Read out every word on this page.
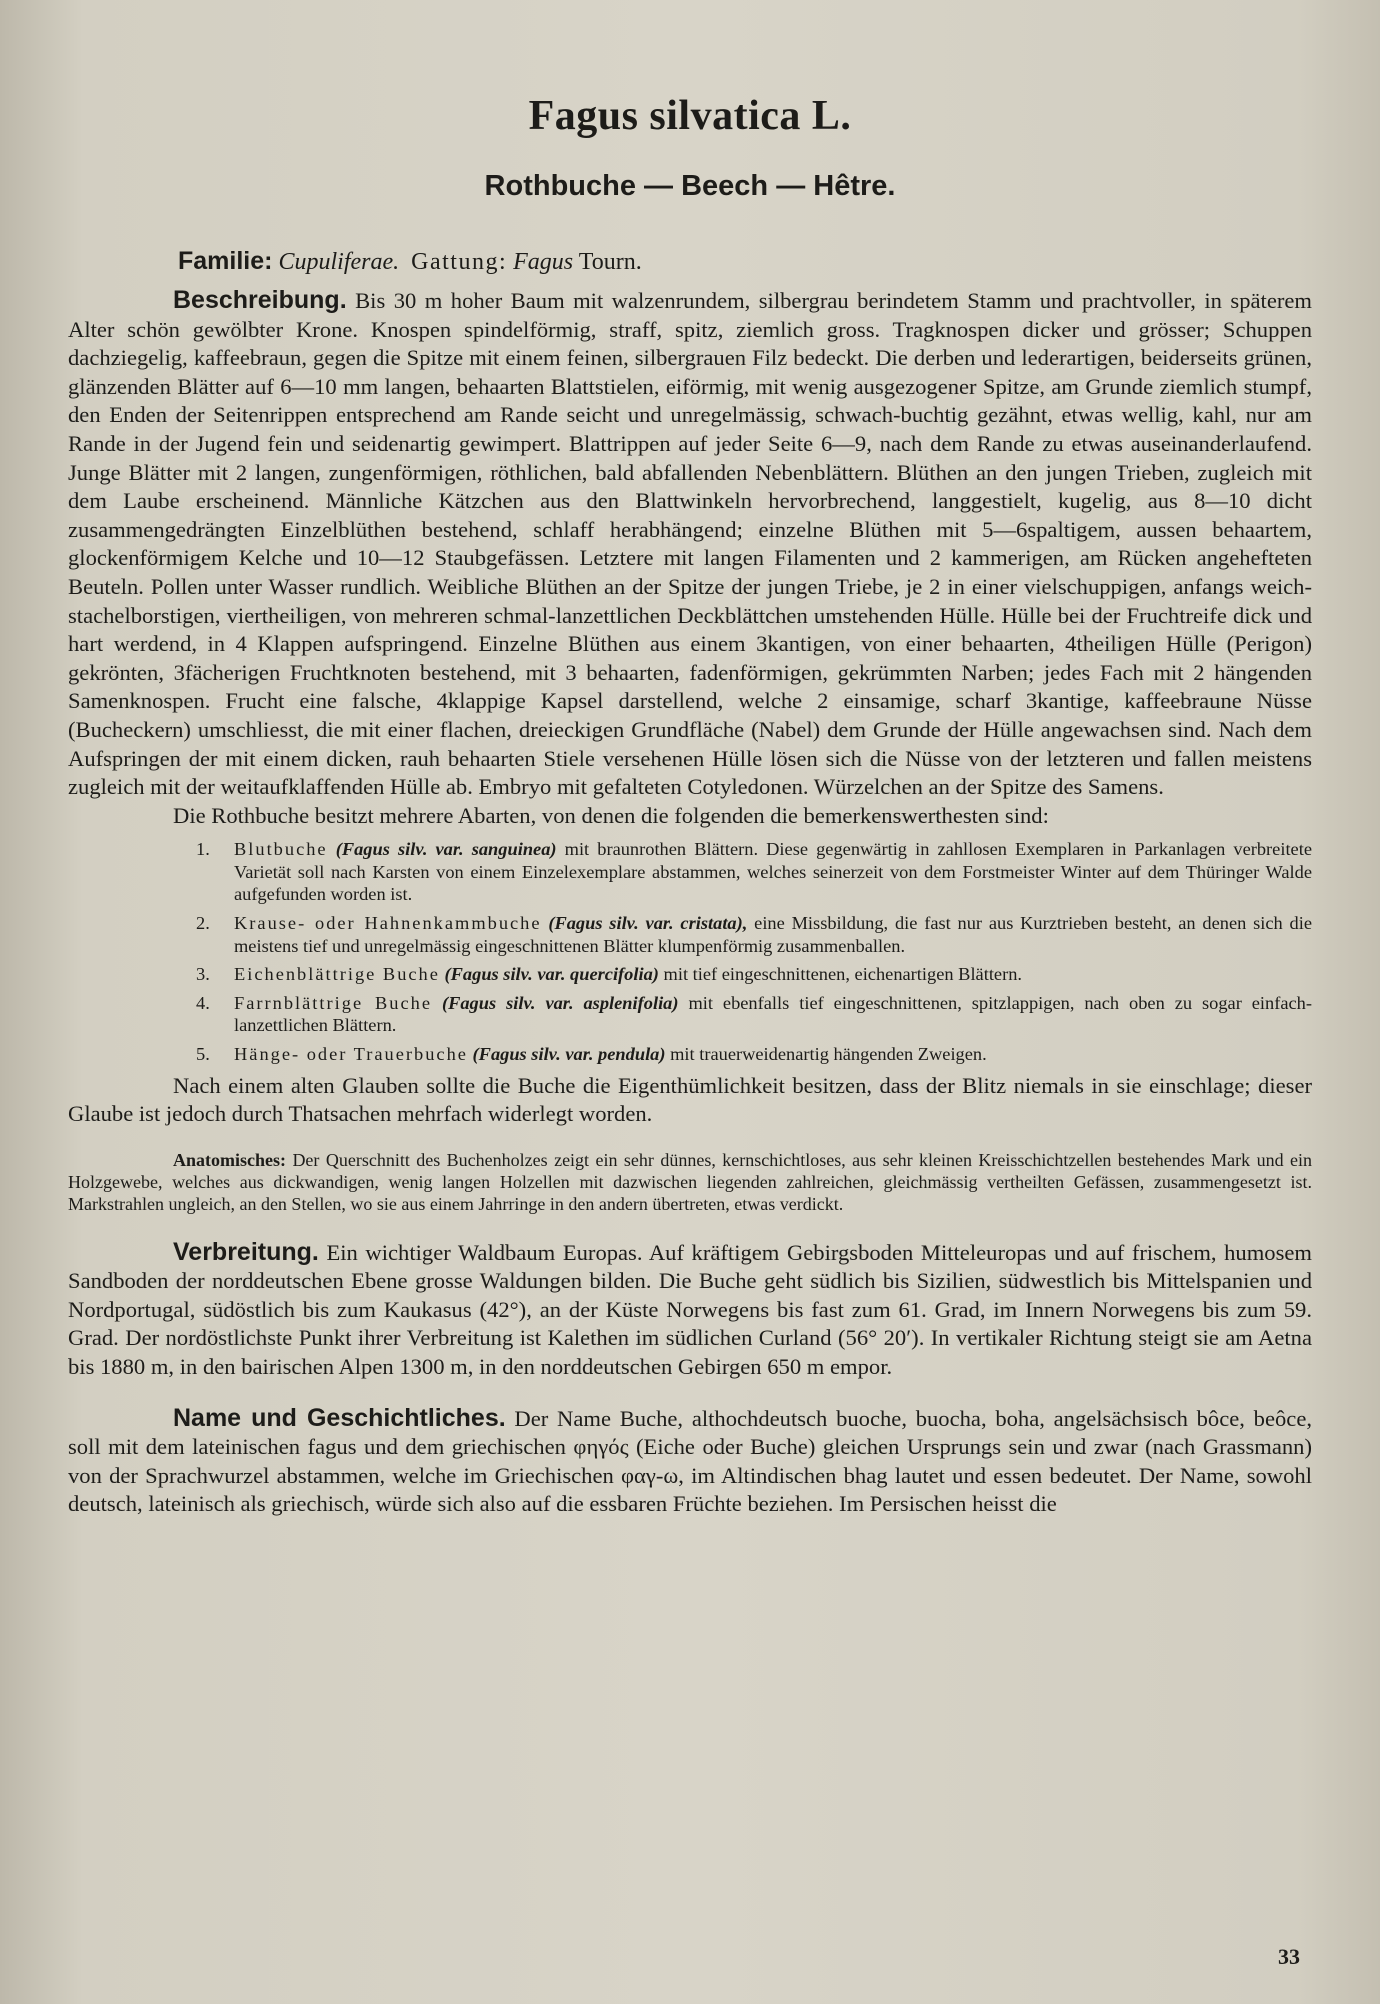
Fagus silvatica L.
Rothbuche — Beech — Hêtre.
Familie: Cupuliferae. Gattung: Fagus Tourn.

Beschreibung. Bis 30 m hoher Baum mit walzenrundem, silbergrau berindetem Stamm und prachtvoller, in späterem Alter schön gewölbter Krone. Knospen spindelförmig, straff, spitz, ziemlich gross. Tragknospen dicker und grösser; Schuppen dachziegelig, kaffeebraun, gegen die Spitze mit einem feinen, silbergrauen Filz bedeckt. Die derben und lederartigen, beiderseits grünen, glänzenden Blätter auf 6—10 mm langen, behaarten Blattstielen, eiförmig, mit wenig ausgezogener Spitze, am Grunde ziemlich stumpf, den Enden der Seitenrippen entsprechend am Rande seicht und unregelmässig, schwach-buchtig gezähnt, etwas wellig, kahl, nur am Rande in der Jugend fein und seidenartig gewimpert. Blattrippen auf jeder Seite 6—9, nach dem Rande zu etwas auseinanderlaufend. Junge Blätter mit 2 langen, zungenförmigen, röthlichen, bald abfallenden Nebenblättern. Blüthen an den jungen Trieben, zugleich mit dem Laube erscheinend. Männliche Kätzchen aus den Blattwinkeln hervorbrechend, langgestielt, kugelig, aus 8—10 dicht zusammengedrängten Einzelblüthen bestehend, schlaff herabhängend; einzelne Blüthen mit 5—6spaltigem, aussen behaartem, glockenförmigem Kelche und 10—12 Staubgefässen. Letztere mit langen Filamenten und 2 kammerigen, am Rücken angehefteten Beuteln. Pollen unter Wasser rundlich. Weibliche Blüthen an der Spitze der jungen Triebe, je 2 in einer vielschuppigen, anfangs weich-stachelborstigen, viertheiligen, von mehreren schmal-lanzettlichen Deckblättchen umstehenden Hülle. Hülle bei der Fruchtreife dick und hart werdend, in 4 Klappen aufspringend. Einzelne Blüthen aus einem 3kantigen, von einer behaarten, 4theiligen Hülle (Perigon) gekrönten, 3fächerigen Fruchtknoten bestehend, mit 3 behaarten, fadenförmigen, gekrümmten Narben; jedes Fach mit 2 hängenden Samenknospen. Frucht eine falsche, 4klappige Kapsel darstellend, welche 2 einsamige, scharf 3kantige, kaffeebraune Nüsse (Bucheckern) umschliesst, die mit einer flachen, dreieckigen Grundfläche (Nabel) dem Grunde der Hülle angewachsen sind. Nach dem Aufspringen der mit einem dicken, rauh behaarten Stiele versehenen Hülle lösen sich die Nüsse von der letzteren und fallen meistens zugleich mit der weitaufklaffenden Hülle ab. Embryo mit gefalteten Cotyledonen. Würzelchen an der Spitze des Samens.

Die Rothbuche besitzt mehrere Abarten, von denen die folgenden die bemerkenswerthesten sind:

1. Blutbuche (Fagus silv. var. sanguinea) mit braunrothen Blättern. Diese gegenwärtig in zahllosen Exemplaren in Parkanlagen verbreitete Varietät soll nach Karsten von einem Einzelexemplare abstammen, welches seinerzeit von dem Forstmeister Winter auf dem Thüringer Walde aufgefunden worden ist.
2. Krause- oder Hahnenkammbuche (Fagus silv. var. cristata), eine Missbildung, die fast nur aus Kurztrieben besteht, an denen sich die meistens tief und unregelmässig eingeschnittenen Blätter klumpenförmig zusammenballen.
3. Eichenblättrige Buche (Fagus silv. var. quercifolia) mit tief eingeschnittenen, eichenartigen Blättern.
4. Farrnblättrige Buche (Fagus silv. var. asplenifolia) mit ebenfalls tief eingeschnittenen, spitzlappigen, nach oben zu sogar einfach-lanzettlichen Blättern.
5. Hänge- oder Trauerbuche (Fagus silv. var. pendula) mit trauerweidenartig hängenden Zweigen.

Nach einem alten Glauben sollte die Buche die Eigenthümlichkeit besitzen, dass der Blitz niemals in sie einschlage; dieser Glaube ist jedoch durch Thatsachen mehrfach widerlegt worden.

Anatomisches: Der Querschnitt des Buchenholzes zeigt ein sehr dünnes, kernschichtloses, aus sehr kleinen Kreisschichtzellen bestehendes Mark und ein Holzgewebe, welches aus dickwandigen, wenig langen Holzellen mit dazwischen liegenden zahlreichen, gleichmässig vertheilten Gefässen, zusammengesetzt ist. Markstrahlen ungleich, an den Stellen, wo sie aus einem Jahrringe in den andern übertreten, etwas verdickt.

Verbreitung. Ein wichtiger Waldbaum Europas. Auf kräftigem Gebirgsboden Mitteleuropas und auf frischem, humosem Sandboden der norddeutschen Ebene grosse Waldungen bilden. Die Buche geht südlich bis Sizilien, südwestlich bis Mittelspanien und Nordportugal, südöstlich bis zum Kaukasus (42°), an der Küste Norwegens bis fast zum 61. Grad, im Innern Norwegens bis zum 59. Grad. Der nordöstlichste Punkt ihrer Verbreitung ist Kalethen im südlichen Curland (56° 20′). In vertikaler Richtung steigt sie am Aetna bis 1880 m, in den bairischen Alpen 1300 m, in den norddeutschen Gebirgen 650 m empor.

Name und Geschichtliches. Der Name Buche, althochdeutsch buoche, buocha, boha, angelsächsisch bôce, beôce, soll mit dem lateinischen fagus und dem griechischen φηγός (Eiche oder Buche) gleichen Ursprungs sein und zwar (nach Grassmann) von der Sprachwurzel abstammen, welche im Griechischen φαγ-ω, im Altindischen bhag lautet und essen bedeutet. Der Name, sowohl deutsch, lateinisch als griechisch, würde sich also auf die essbaren Früchte beziehen. Im Persischen heisst die

33
